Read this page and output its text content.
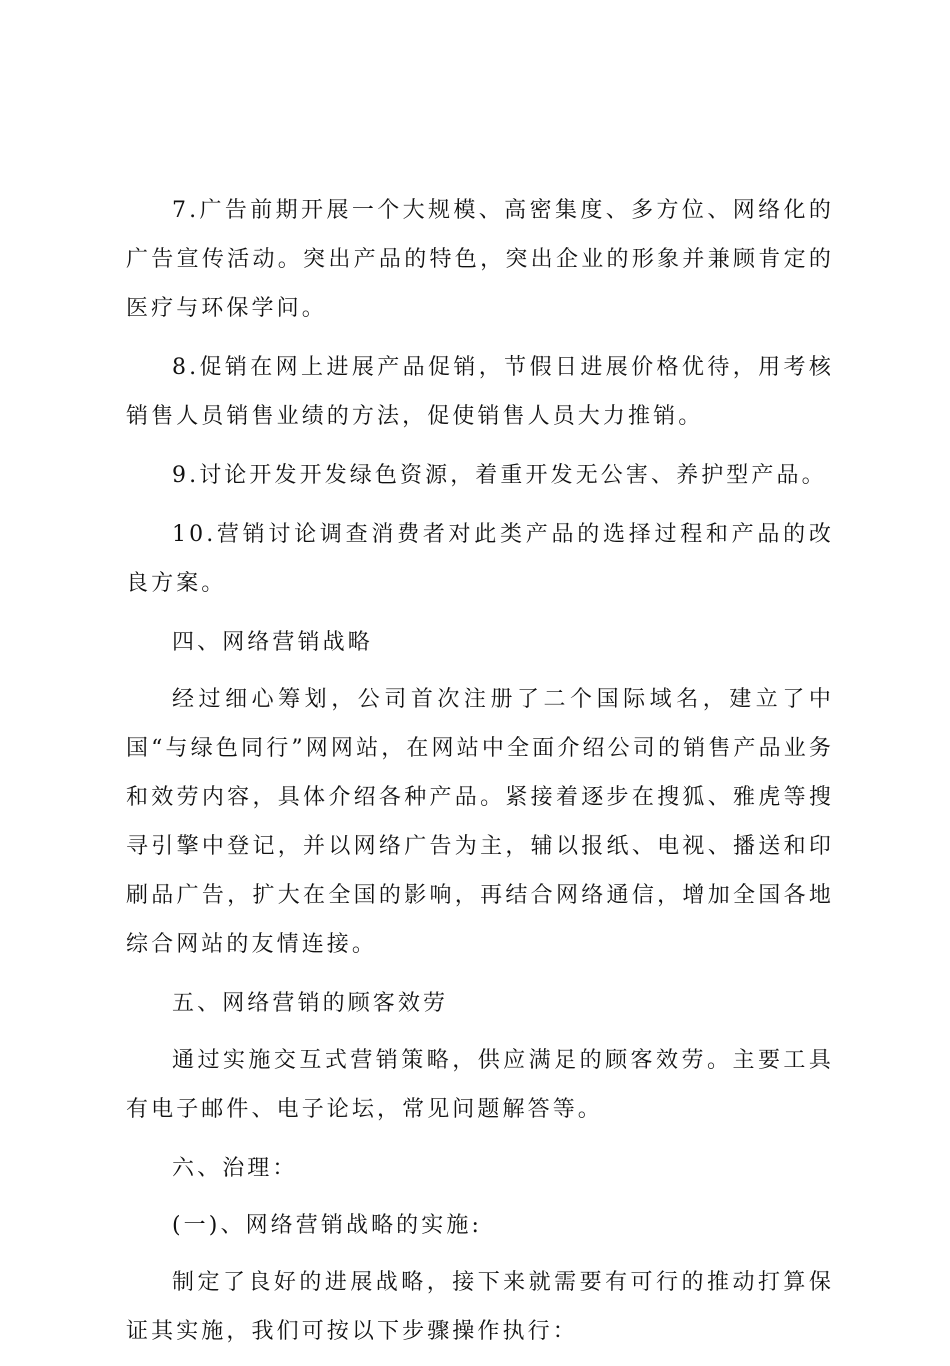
7.广告前期开展一个大规模、高密集度、多方位、网络化的广告宣传活动。突出产品的特色，突出企业的形象并兼顾肯定的医疗与环保学问。

8.促销在网上进展产品促销，节假日进展价格优待，用考核销售人员销售业绩的方法，促使销售人员大力推销。

9.讨论开发开发绿色资源，着重开发无公害、养护型产品。

10.营销讨论调查消费者对此类产品的选择过程和产品的改良方案。

四、网络营销战略

经过细心筹划，公司首次注册了二个国际域名，建立了中国“与绿色同行”网网站，在网站中全面介绍公司的销售产品业务和效劳内容，具体介绍各种产品。紧接着逐步在搜狐、雅虎等搜寻引擎中登记，并以网络广告为主，辅以报纸、电视、播送和印刷品广告，扩大在全国的影响，再结合网络通信，增加全国各地综合网站的友情连接。

五、网络营销的顾客效劳

通过实施交互式营销策略，供应满足的顾客效劳。主要工具有电子邮件、电子论坛，常见问题解答等。

六、治理：

(一)、网络营销战略的实施:

制定了良好的进展战略，接下来就需要有可行的推动打算保证其实施，我们可按以下步骤操作执行：
